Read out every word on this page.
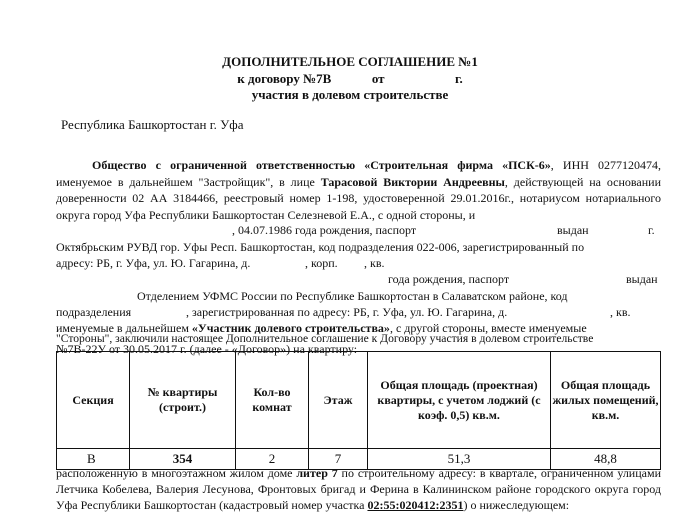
ДОПОЛНИТЕЛЬНОЕ СОГЛАШЕНИЕ №1
к договору №7В	от	г.
участия в долевом строительстве
Республика Башкортостан г. Уфа
Общество с ограниченной ответственностью «Строительная фирма «ПСК-6», ИНН 0277120474, именуемое в дальнейшем "Застройщик", в лице Тарасовой Виктории Андреевны, действующей на основании доверенности 02 АА 3184466, реестровый номер 1-198, удостоверенной 29.01.2016г., нотариусом нотариального округа город Уфа Республики Башкортостан Селезневой Е.А., с одной стороны, и
, 04.07.1986 года рождения, паспорт	выдан	г.
Октябрьским РУВД гор. Уфы Респ. Башкортостан, код подразделения 022-006, зарегистрированный по
адресу: РБ, г. Уфа, ул. Ю. Гагарина, д.	, корп. , кв.
года рождения, паспорт	выдан
Отделением УФМС России по Республике Башкортостан в Салаватском районе, код
подразделения	, зарегистрированная по адресу: РБ, г. Уфа, ул. Ю. Гагарина, д.	, кв.
именуемые в дальнейшем «Участник долевого строительства», с другой стороны, вместе именуемые
"Стороны", заключили настоящее Дополнительное соглашение к Договору участия в долевом строительстве
Секция	№ квартиры (строит.)	Кол-во комнат	Этаж	Общая площадь (проектная) квартиры, с учетом лоджий (с коэф. 0,5) кв.м.	Общая площадь жилых помещений, кв.м.
В	354	2	7	51,3	48,8
расположенную в многоэтажном жилом доме литер 7 по строительному адресу: в квартале, ограниченном улицами Летчика Кобелева, Валерия Лесунова, Фронтовых бригад и Ферина в Калининском районе городского округа город Уфа Республики Башкортостан (кадастровый номер участка 02:55:020412:2351) о нижеследующем:
№7В-22У от 30.05.2017 г. (далее - «Договор») на квартиру:
